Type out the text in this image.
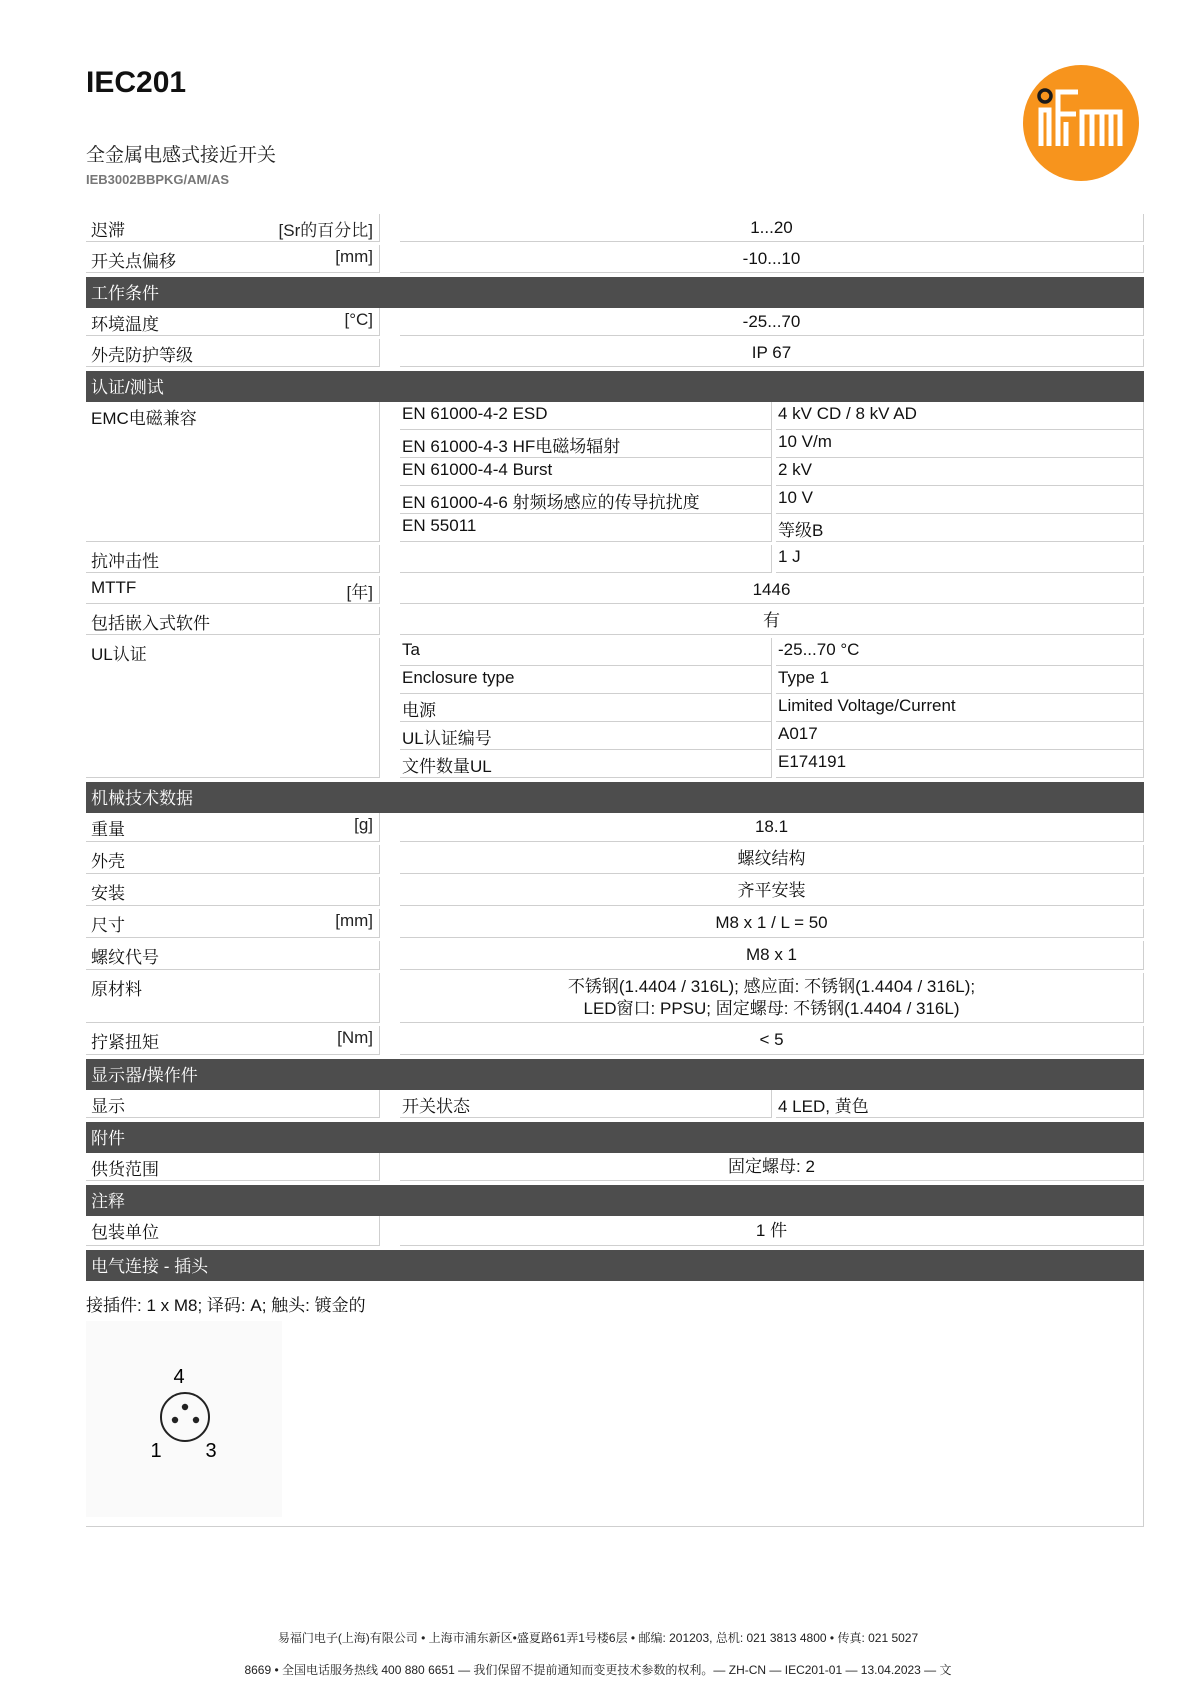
IEC201
全金属电感式接近开关
IEB3002BBPKG/AM/AS	ifm
迟滞	[Sr的百分比]	1...20
开关点偏移	[mm]	-10...10
工作条件
环境温度	[°C]	-25...70
外壳防护等级	IP 67
认证/测试
EMC电磁兼容	EN 61000-4-2 ESD	4 kV CD / 8 kV AD
EN 61000-4-3 HF电磁场辐射	10 V/m
EN 61000-4-4 Burst	2 kV
EN 61000-4-6 射频场感应的传导抗扰度	10 V
EN 55011	等级B
抗冲击性	1 J
MTTF	[年]	1446
包括嵌入式软件	有
UL认证	Ta	-25...70 °C
Enclosure type	Type 1
电源	Limited Voltage/Current
UL认证编号	A017
文件数量UL	E174191
机械技术数据
重量	[g]	18.1
外壳	螺纹结构
安装	齐平安装
尺寸	[mm]	M8 x 1 / L = 50
螺纹代号	M8 x 1
原材料	不锈钢(1.4404 / 316L); 感应面: 不锈钢(1.4404 / 316L);
LED窗口: PPSU; 固定螺母: 不锈钢(1.4404 / 316L)
拧紧扭矩	[Nm]	< 5
显示器/操作件
显示	开关状态	4 LED, 黄色
附件
供货范围	固定螺母: 2
注释
包装单位	1 件
电气连接 - 插头
接插件: 1 x M8; 译码: A; 触头: 镀金的
4
1 3
易福门电子(上海)有限公司 • 上海市浦东新区•盛夏路61弄1号楼6层 • 邮编: 201203, 总机: 021 3813 4800 • 传真: 021 5027
8669 • 全国电话服务热线 400 880 6651 — 我们保留不提前通知而变更技术参数的权利。— ZH-CN — IEC201-01 — 13.04.2023 — 文
